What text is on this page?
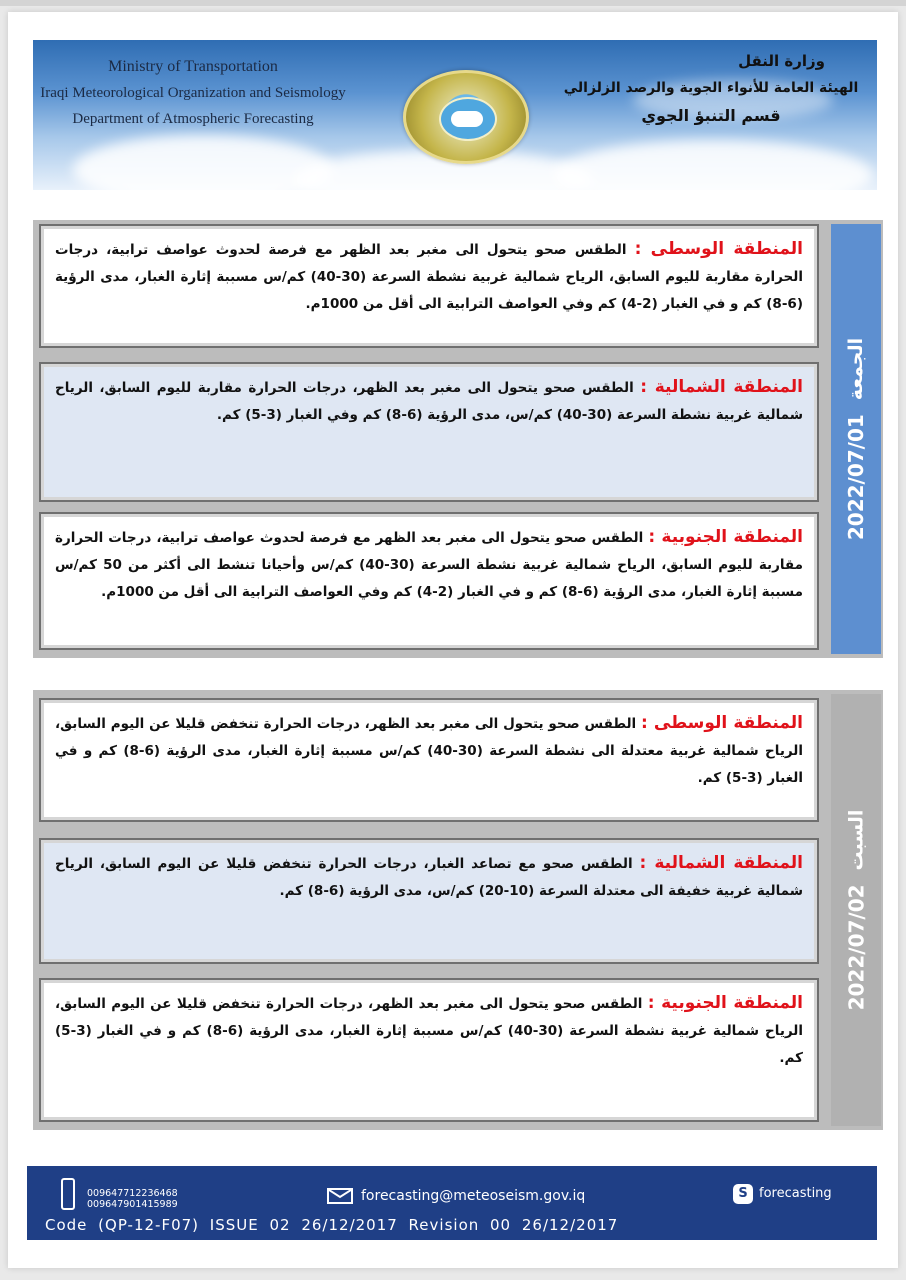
Ministry of Transportation
Iraqi Meteorological Organization and Seismology
Department of Atmospheric Forecasting
وزارة النقل
الهيئة العامة للأنواء الجوية والرصد الزلزالي
قسم التنبؤ الجوي
2022/07/01
الجمعة
المنطقة الوسطى : الطقس صحو يتحول الى مغبر بعد الظهر مع فرصة لحدوث عواصف ترابية، درجات الحرارة مقاربة لليوم السابق، الرياح شمالية غربية نشطة السرعة (30-40) كم/س مسببة إثارة الغبار، مدى الرؤية (6-8) كم و في الغبار (2-4) كم وفي العواصف الترابية الى أقل من 1000م.
المنطقة الشمالية : الطقس صحو يتحول الى مغبر بعد الظهر، درجات الحرارة مقاربة لليوم السابق، الرياح شمالية غربية نشطة السرعة (30-40) كم/س، مدى الرؤية (6-8) كم وفي الغبار (3-5) كم.
المنطقة الجنوبية : الطقس صحو يتحول الى مغبر بعد الظهر مع فرصة لحدوث عواصف ترابية، درجات الحرارة مقاربة لليوم السابق، الرياح شمالية غربية نشطة السرعة (30-40) كم/س وأحيانا تنشط الى أكثر من 50 كم/س مسببة إثارة الغبار، مدى الرؤية (6-8) كم و في الغبار (2-4) كم وفي العواصف الترابية الى أقل من 1000م.
2022/07/02
السبت
المنطقة الوسطى : الطقس صحو يتحول الى مغبر بعد الظهر، درجات الحرارة تنخفض قليلا عن اليوم السابق، الرياح شمالية غربية معتدلة الى نشطة السرعة (30-40) كم/س مسببة إثارة الغبار، مدى الرؤية (6-8) كم و في الغبار (3-5) كم.
المنطقة الشمالية : الطقس صحو مع تصاعد الغبار، درجات الحرارة تنخفض قليلا عن اليوم السابق، الرياح شمالية غربية خفيفة الى معتدلة السرعة (10-20) كم/س، مدى الرؤية (6-8) كم.
المنطقة الجنوبية : الطقس صحو يتحول الى مغبر بعد الظهر، درجات الحرارة تنخفض قليلا عن اليوم السابق، الرياح شمالية غربية نشطة السرعة (30-40) كم/س مسببة إثارة الغبار، مدى الرؤية (6-8) كم و في الغبار (3-5) كم.
009647712236468
009647901415989
forecasting@meteoseism.gov.iq	S forecasting
Code (QP-12-F07) ISSUE 02 26/12/2017 Revision 00 26/12/2017
